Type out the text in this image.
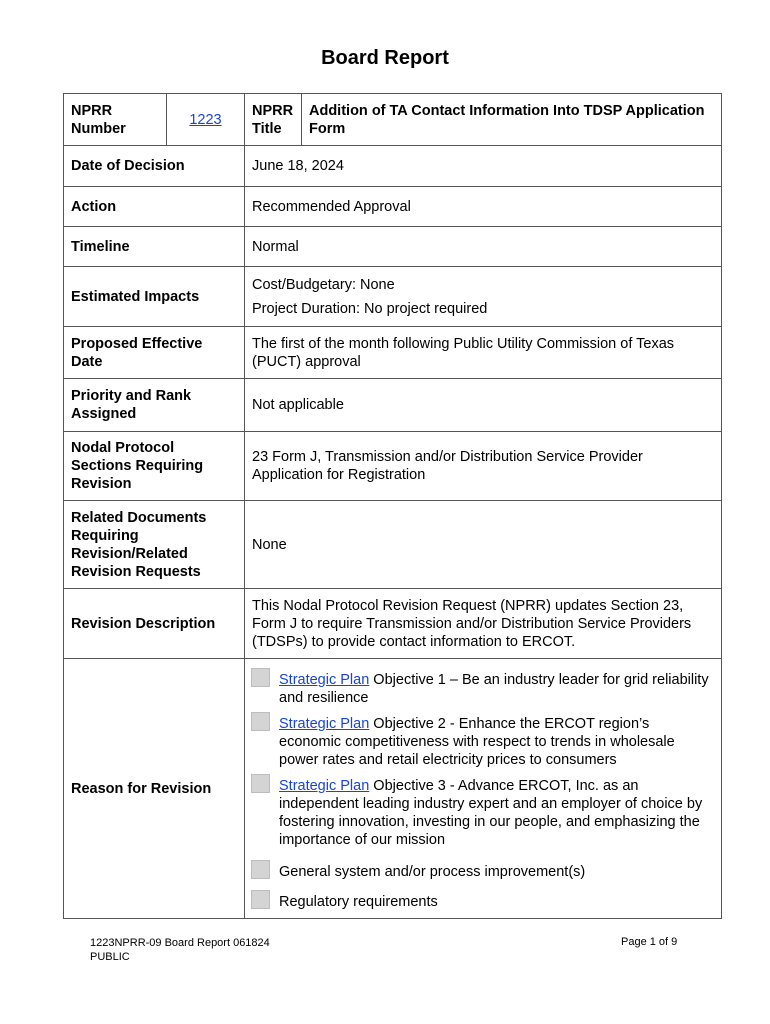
Board Report
NPRR Number	1223	NPRR Title	Addition of TA Contact Information Into TDSP Application Form
Date of Decision		June 18, 2024	
Action		Recommended Approval	
Timeline		Normal	
Estimated Impacts		Cost/Budgetary: None
Project Duration: No project required	

Proposed Effective Date		The first of the month following Public Utility Commission of Texas (PUCT) approval	
Priority and Rank Assigned		Not applicable	
Nodal Protocol Sections Requiring Revision		23 Form J, Transmission and/or Distribution Service Provider Application for Registration	
Related Documents Requiring Revision/Related Revision Requests		None	
Revision Description		This Nodal Protocol Revision Request (NPRR) updates Section 23, Form J to require Transmission and/or Distribution Service Providers (TDSPs) to provide contact information to ERCOT.	
Reason for Revision		Strategic Plan Objective 1 – Be an industry leader for grid reliability and resilience
Strategic Plan Objective 2 - Enhance the ERCOT region’s economic competitiveness with respect to trends in wholesale power rates and retail electricity prices to consumers
Strategic Plan Objective 3 - Advance ERCOT, Inc. as an independent leading industry expert and an employer of choice by fostering innovation, investing in our people, and emphasizing the importance of our mission
General system and/or process improvement(s)
Regulatory requirements	
1223NPRR-09 Board Report 061824
PUBLIC
Page 1 of 9
